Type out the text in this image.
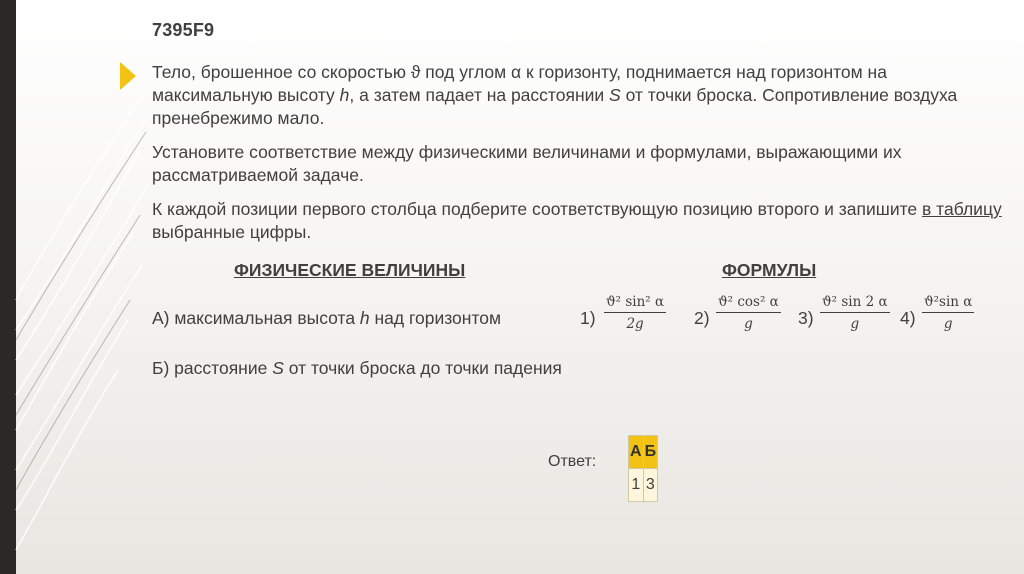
7395F9

Тело, брошенное со скоростью ϑ под углом α к горизонту, поднимается над горизонтом на максимальную высоту h, а затем падает на расстоянии S от точки броска. Сопротивление воздуха пренебрежимо мало.

Установите соответствие между физическими величинами и формулами, выражающими их рассматриваемой задаче.

К каждой позиции первого столбца подберите соответствующую позицию второго и запишите в таблицу выбранные цифры.

ФИЗИЧЕСКИЕ ВЕЛИЧИНЫ	ФОРМУЛЫ
А) максимальная высота h над горизонтом	$1) \frac{\text{ϑ² sin² α}}{2g} 2) \frac{\text{ϑ² cos² α}}{g} 3) \frac{\text{ϑ² sin 2 α}}{g} 4) \frac{\text{ϑ²sin α}}{g}$
Б) расстояние S от точки броска до точки падения
Ответ:
А	Б
1	3
